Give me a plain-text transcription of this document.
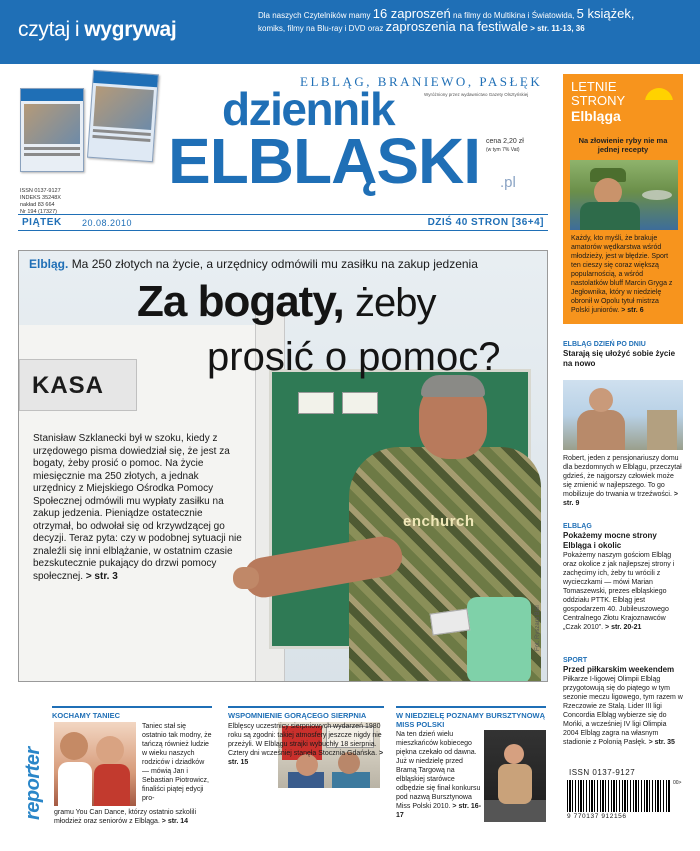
czytaj i wygrywaj
Dla naszych Czytelników mamy 16 zaproszeń na filmy do Multikina i Światowida, 5 książek,
komiks, filmy na Blu-ray i DVD oraz zaproszenia na festiwale > str. 11-13, 36
ISSN 0137-9127
INDEKS 35248X
nakład 83 664
Nr 194 (17327)
ELBLĄG, BRANIEWO, PASŁĘK
Wyróżniony przez wydawnictwo Gazety Olsztyńskiej
dziennik
ELBLĄSKI .pl
cena 2,20 zł
(w tym 7% Vat)
PIĄTEK 20.08.2010	DZIŚ 40 STRON [36+4]
LETNIE
STRONY
Elbląga
Na złowienie ryby nie ma jednej recepty
Każdy, kto myśli, że brakuje amatorów wędkarstwa wśród młodzieży, jest w błędzie. Sport ten cieszy się coraz większą popularnością, a wśród nastolatków bluff Marcin Gryga z Jegłownika, który w niedzielę obronił w Opolu tytuł mistrza Polski juniorów. > str. 6
ELBLĄG DZIEŃ PO DNIU
Starają się ułożyć sobie życie na nowo
Robert, jeden z pensjonariuszy domu dla bezdomnych w Elblągu, przeczytał gdzieś, że najgorszy człowiek może się zmienić w najlepszego. To go mobilizuje do trwania w trzeźwości. > str. 9
ELBLĄG
Pokażemy mocne strony Elbląga i okolic
Pokażemy naszym gościom Elbląg oraz okolice z jak najlepszej strony i zachęcimy ich, żeby tu wrócili z wycieczkami — mówi Marian Tomaszewski, prezes elbląskiego oddziału PTTK. Elbląg jest gospodarzem 40. Jubileuszowego Centralnego Złotu Krajoznawców „Czak 2010”. > str. 20-21
SPORT
Przed piłkarskim weekendem
Piłkarze I-ligowej Olimpii Elbląg przygotowują się do piątego w tym sezonie meczu ligowego, tym razem w Rzeczowie ze Stalą. Lider III ligi Concordia Elbląg wybierze się do Mońki, a wcześniej IV ligi Olimpia 2004 Elbląg zagra na własnym stadionie z Polonią Pasłęk. > str. 35
KASA
enchurch
Fot. Ryszard Biel
Elbląg. Ma 250 złotych na życie, a urzędnicy odmówili mu zasiłku na zakup jedzenia
Za bogaty, żeby
prosić o pomoc?
Stanisław Szklanecki był w szoku, kiedy z urzędowego pisma dowiedział się, że jest za bogaty, żeby prosić o pomoc. Na życie miesięcznie ma 250 złotych, a jednak urzędnicy z Miejskiego Ośrodka Pomocy Społecznej odmówili mu wypłaty zasiłku na zakup jedzenia. Pieniądze ostatecznie otrzymał, bo odwołał się od krzywdzącej go decyzji. Teraz pyta: czy w podobnej sytuacji nie znaleźli się inni elblążanie, w ostatnim czasie bezskutecznie pukający do drzwi pomocy społecznej. > str. 3
reporter
KOCHAMY TANIEC
Taniec stał się ostatnio tak modny, że tańczą również ludzie w wieku naszych rodziców i dziadków — mówią Jan i Sebastian Piotrowicz, finaliści piątej edycji pro-
gramu You Can Dance, którzy ostatnio szkolili młodzież oraz seniorów z Elbląga. > str. 14
WSPOMNIENIE GORĄCEGO SIERPNIA
Elblęscy uczestnicy sierpniowych wydarzeń 1980 roku są zgodni: takiej atmosfery jeszcze nigdy nie przeżyli. W Elblągu strajki wybuchły 18 sierpnia. Cztery dni wcześniej stanęła Stocznia Gdańska. > str. 15
W NIEDZIELĘ POZNAMY BURSZTYNOWĄ MISS POLSKI
Na ten dzień wielu mieszkańców kobiecego piękna czekało od dawna. Już w niedzielę przed Bramą Targową na elbląskiej starówce odbędzie się finał konkursu pod nazwą Bursztynowa Miss Polski 2010. > str. 16-17
ISSN 0137-9127
9 770137 912156
00>
